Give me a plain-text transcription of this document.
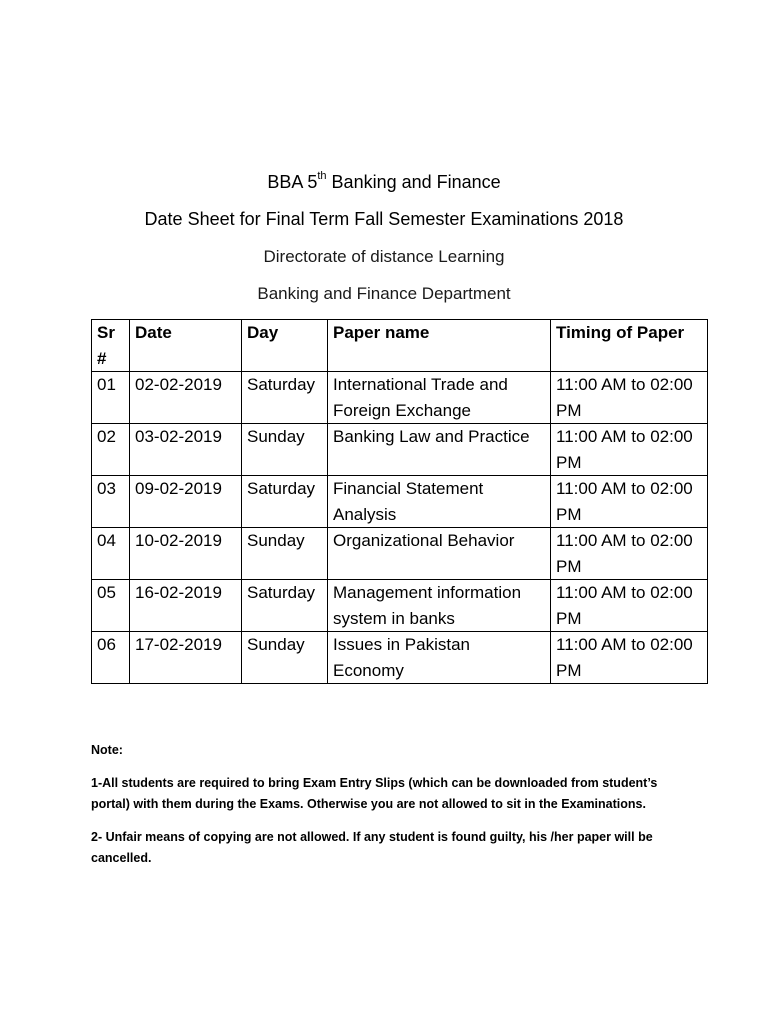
BBA 5th Banking and Finance
Date Sheet for Final Term Fall Semester Examinations 2018
Directorate of distance Learning
Banking and Finance Department
Sr #	Date	Day	Paper name	Timing of Paper
01	02-02-2019	Saturday	International Trade and Foreign Exchange	11:00 AM to 02:00 PM
02	03-02-2019	Sunday	Banking Law and Practice	11:00 AM to 02:00 PM
03	09-02-2019	Saturday	Financial Statement Analysis	11:00 AM to 02:00 PM
04	10-02-2019	Sunday	Organizational Behavior	11:00 AM to 02:00 PM
05	16-02-2019	Saturday	Management information system in banks	11:00 AM to 02:00 PM
06	17-02-2019	Sunday	Issues in Pakistan Economy	11:00 AM to 02:00 PM

Note:

1-All students are required to bring Exam Entry Slips (which can be downloaded from student’s portal) with them during the Exams. Otherwise you are not allowed to sit in the Examinations.

2- Unfair means of copying are not allowed. If any student is found guilty, his /her paper will be cancelled.
